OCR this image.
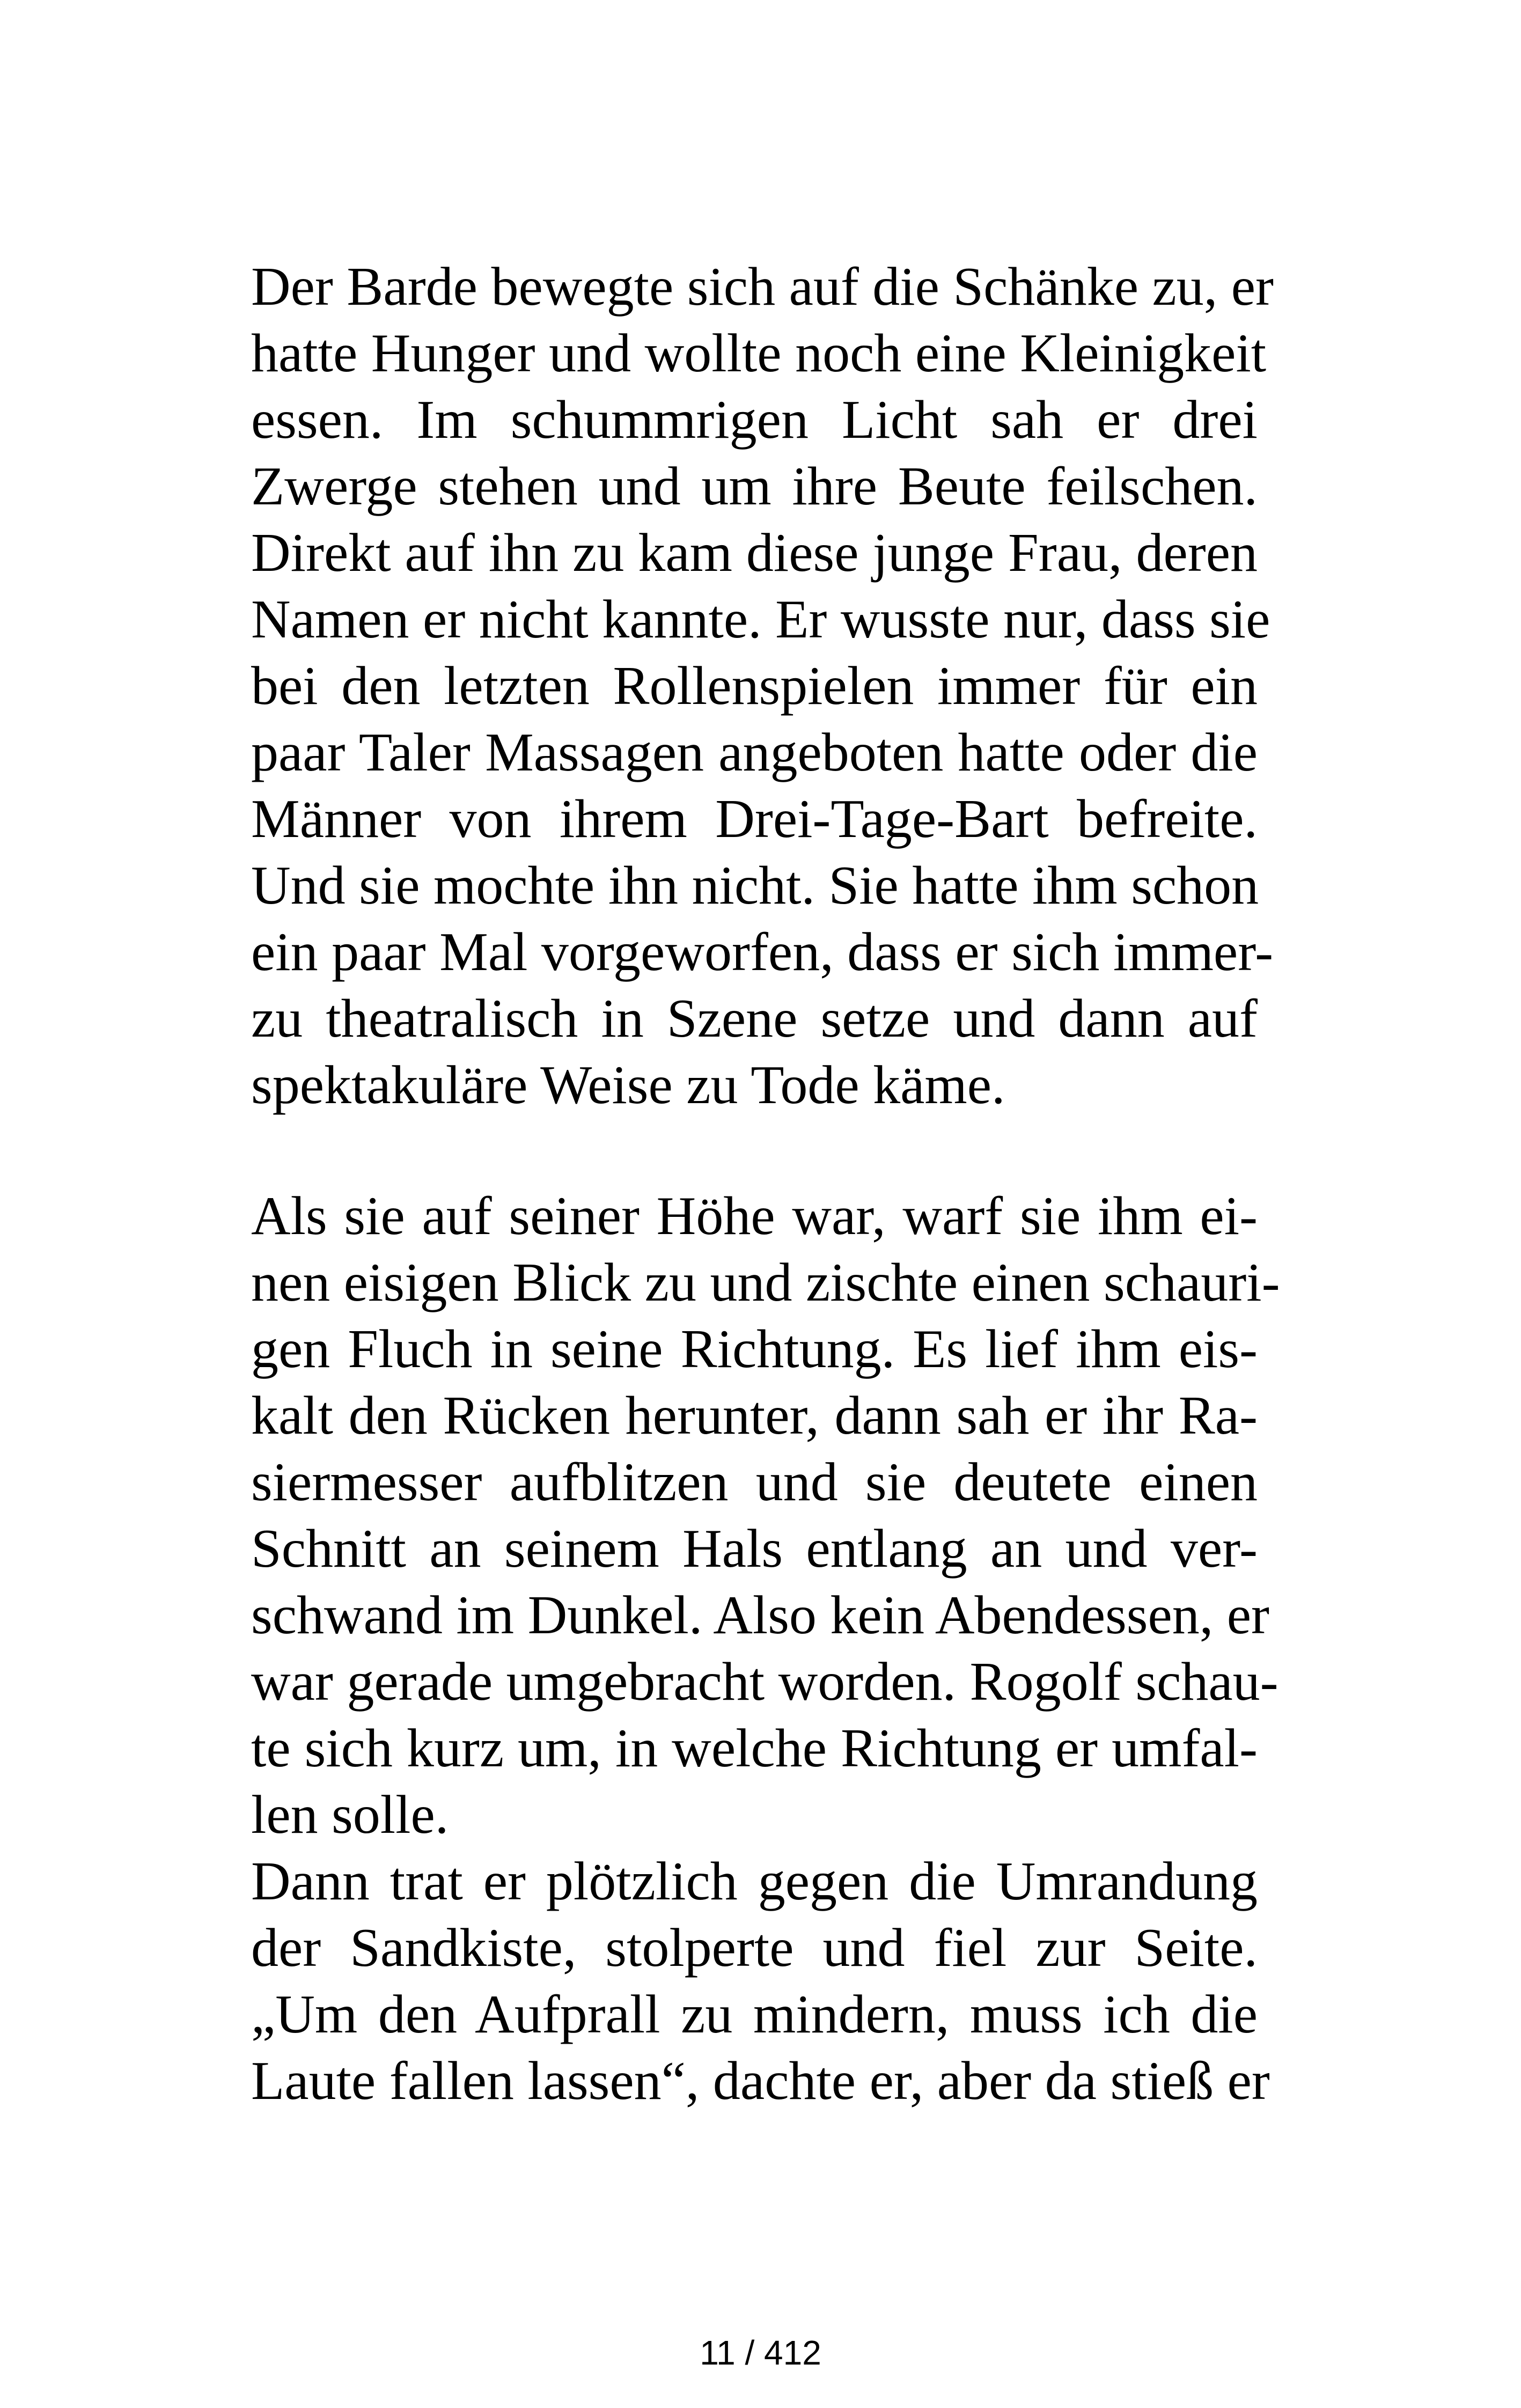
Der Barde bewegte sich auf die Schänke zu, er
hatte Hunger und wollte noch eine Kleinigkeit
essen. Im schummrigen Licht sah er drei
Zwerge stehen und um ihre Beute feilschen.
Direkt auf ihn zu kam diese junge Frau, deren
Namen er nicht kannte. Er wusste nur, dass sie
bei den letzten Rollenspielen immer für ein
paar Taler Massagen angeboten hatte oder die
Männer von ihrem Drei-Tage-Bart befreite.
Und sie mochte ihn nicht. Sie hatte ihm schon
ein paar Mal vorgeworfen, dass er sich immer-
zu theatralisch in Szene setze und dann auf
spektakuläre Weise zu Tode käme.
Als sie auf seiner Höhe war, warf sie ihm ei-
nen eisigen Blick zu und zischte einen schauri-
gen Fluch in seine Richtung. Es lief ihm eis-
kalt den Rücken herunter, dann sah er ihr Ra-
siermesser aufblitzen und sie deutete einen
Schnitt an seinem Hals entlang an und ver-
schwand im Dunkel. Also kein Abendessen, er
war gerade umgebracht worden. Rogolf schau-
te sich kurz um, in welche Richtung er umfal-
len solle.
Dann trat er plötzlich gegen die Umrandung
der Sandkiste, stolperte und fiel zur Seite.
„Um den Aufprall zu mindern, muss ich die
Laute fallen lassen“, dachte er, aber da stieß er
11 / 412
